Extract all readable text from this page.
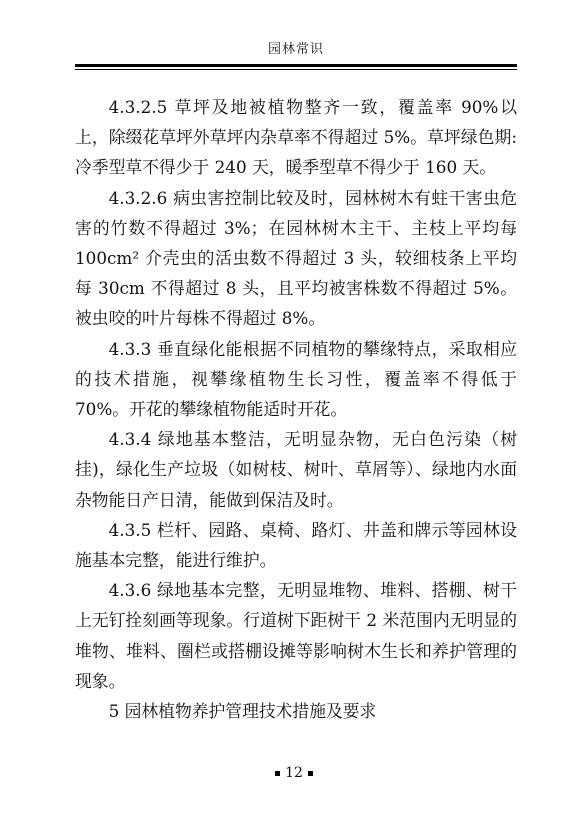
园林常识

4.3.2.5 草坪及地被植物整齐一致，覆盖率 90%以上，除缀花草坪外草坪内杂草率不得超过 5%。草坪绿色期:冷季型草不得少于 240 天，暖季型草不得少于 160 天。

4.3.2.6 病虫害控制比较及时，园林树木有蛀干害虫危害的竹数不得超过 3%；在园林树木主干、主枝上平均每 100cm² 介壳虫的活虫数不得超过 3 头，较细枝条上平均每 30cm 不得超过 8 头，且平均被害株数不得超过 5%。被虫咬的叶片每株不得超过 8%。

4.3.3 垂直绿化能根据不同植物的攀缘特点，采取相应的技术措施，视攀缘植物生长习性，覆盖率不得低于 70%。开花的攀缘植物能适时开花。

4.3.4 绿地基本整洁，无明显杂物，无白色污染（树挂)，绿化生产垃圾（如树枝、树叶、草屑等）、绿地内水面杂物能日产日清，能做到保洁及时。

4.3.5 栏杆、园路、桌椅、路灯、井盖和牌示等园林设施基本完整，能进行维护。

4.3.6 绿地基本完整，无明显堆物、堆料、搭棚、树干上无钉拴刻画等现象。行道树下距树干 2 米范围内无明显的堆物、堆料、圈栏或搭棚设摊等影响树木生长和养护管理的现象。

5 园林植物养护管理技术措施及要求

12
